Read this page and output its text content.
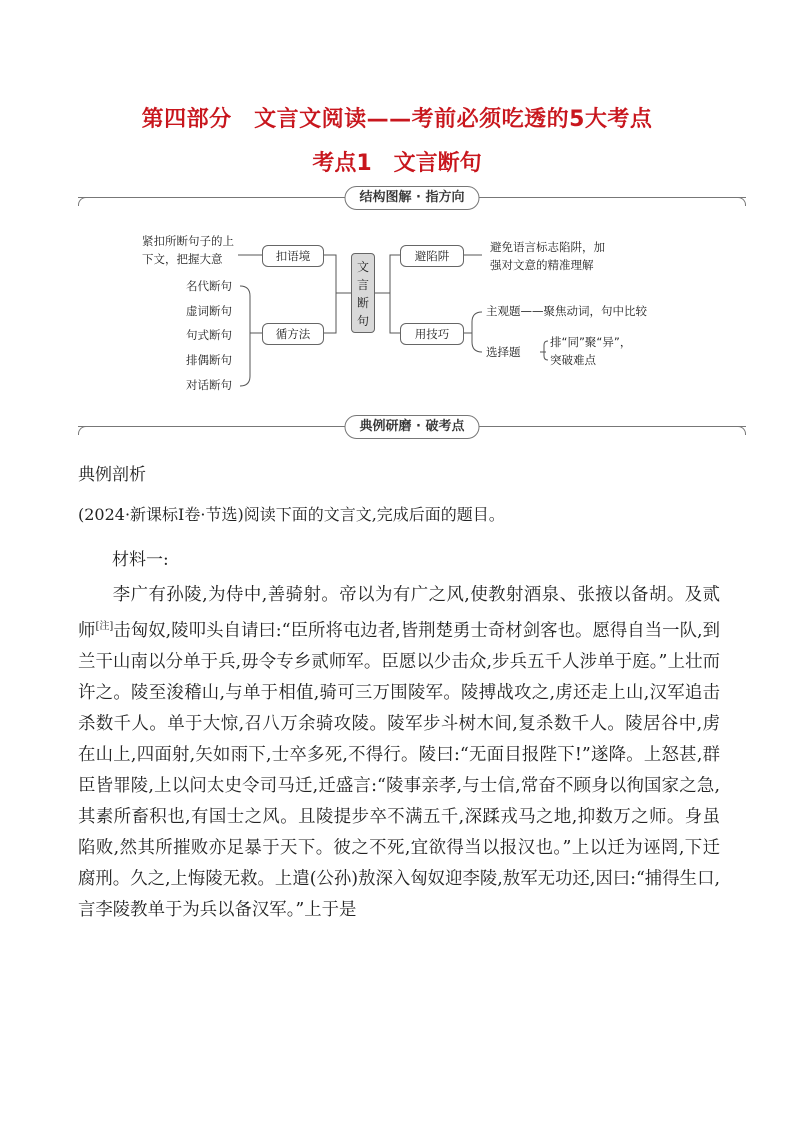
第四部分　文言文阅读——考前必须吃透的5大考点
考点1　文言断句
结构图解 · 指方向
紧扣所断句子的上
下文，把握大意	扣语境
名代断句
虚词断句
句式断句
排偶断句
对话断句
循方法
文言断句
避陷阱
避免语言标志陷阱，加
强对文意的精准理解
用技巧
主观题——聚焦动词，句中比较
选择题
排“同”聚“异”，
突破难点
典例研磨 · 破考点
典例剖析
(2024·新课标Ⅰ卷·节选)阅读下面的文言文,完成后面的题目。
材料一:
李广有孙陵,为侍中,善骑射。帝以为有广之风,使教射酒泉、张掖以备胡。及贰师[注]击匈奴,陵叩头自请曰:“臣所将屯边者,皆荆楚勇士奇材剑客也。愿得自当一队,到兰干山南以分单于兵,毋令专乡贰师军。臣愿以少击众,步兵五千人涉单于庭。”上壮而许之。陵至浚稽山,与单于相值,骑可三万围陵军。陵搏战攻之,虏还走上山,汉军追击杀数千人。单于大惊,召八万余骑攻陵。陵军步斗树木间,复杀数千人。陵居谷中,虏在山上,四面射,矢如雨下,士卒多死,不得行。陵曰:“无面目报陛下!”遂降。上怒甚,群臣皆罪陵,上以问太史令司马迁,迁盛言:“陵事亲孝,与士信,常奋不顾身以徇国家之急,其素所畜积也,有国士之风。且陵提步卒不满五千,深蹂戎马之地,抑数万之师。身虽陷败,然其所摧败亦足暴于天下。彼之不死,宜欲得当以报汉也。”上以迁为诬罔,下迁腐刑。久之,上悔陵无救。上遣(公孙)敖深入匈奴迎李陵,敖军无功还,因曰:“捕得生口,言李陵教单于为兵以备汉军。”上于是
